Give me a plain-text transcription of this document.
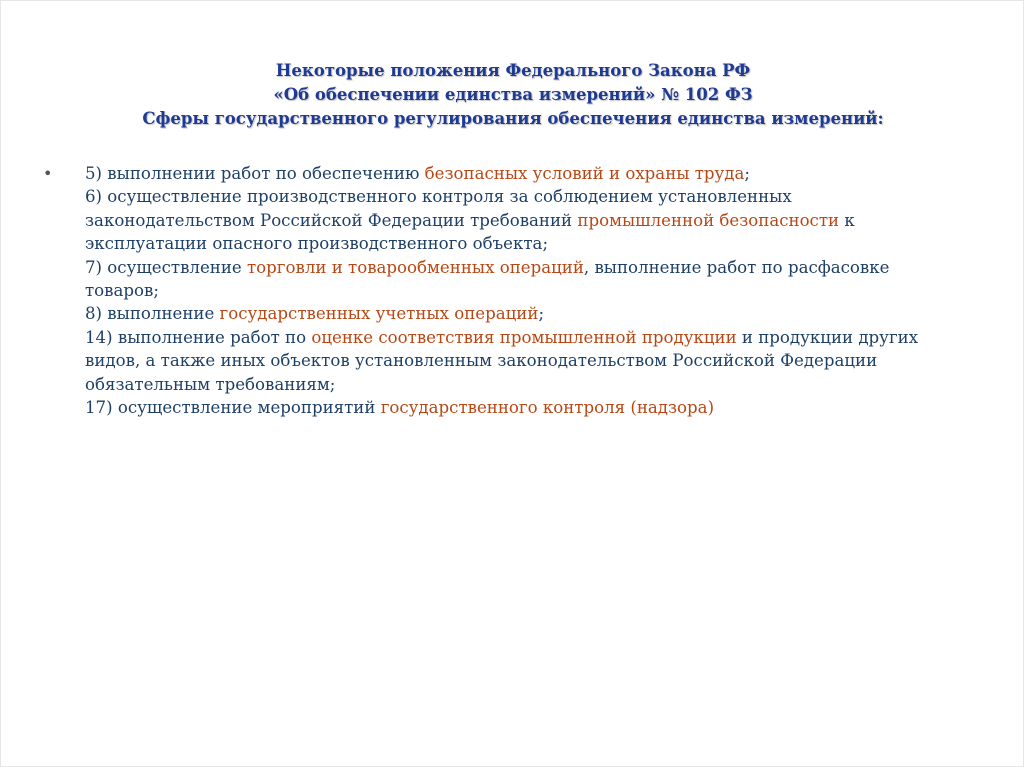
Некоторые положения Федерального Закона РФ
«Об обеспечении единства измерений» № 102 ФЗ
Сферы государственного регулирования обеспечения единства измерений:
• 5) выполнении работ по обеспечению безопасных условий и охраны труда;
6) осуществление производственного контроля за соблюдением установленных
законодательством Российской Федерации требований промышленной безопасности к
эксплуатации опасного производственного объекта;
7) осуществление торговли и товарообменных операций, выполнение работ по расфасовке
товаров;
8) выполнение государственных учетных операций;
14) выполнение работ по оценке соответствия промышленной продукции и продукции других
видов, а также иных объектов установленным законодательством Российской Федерации
обязательным требованиям;
17) осуществление мероприятий государственного контроля (надзора)
